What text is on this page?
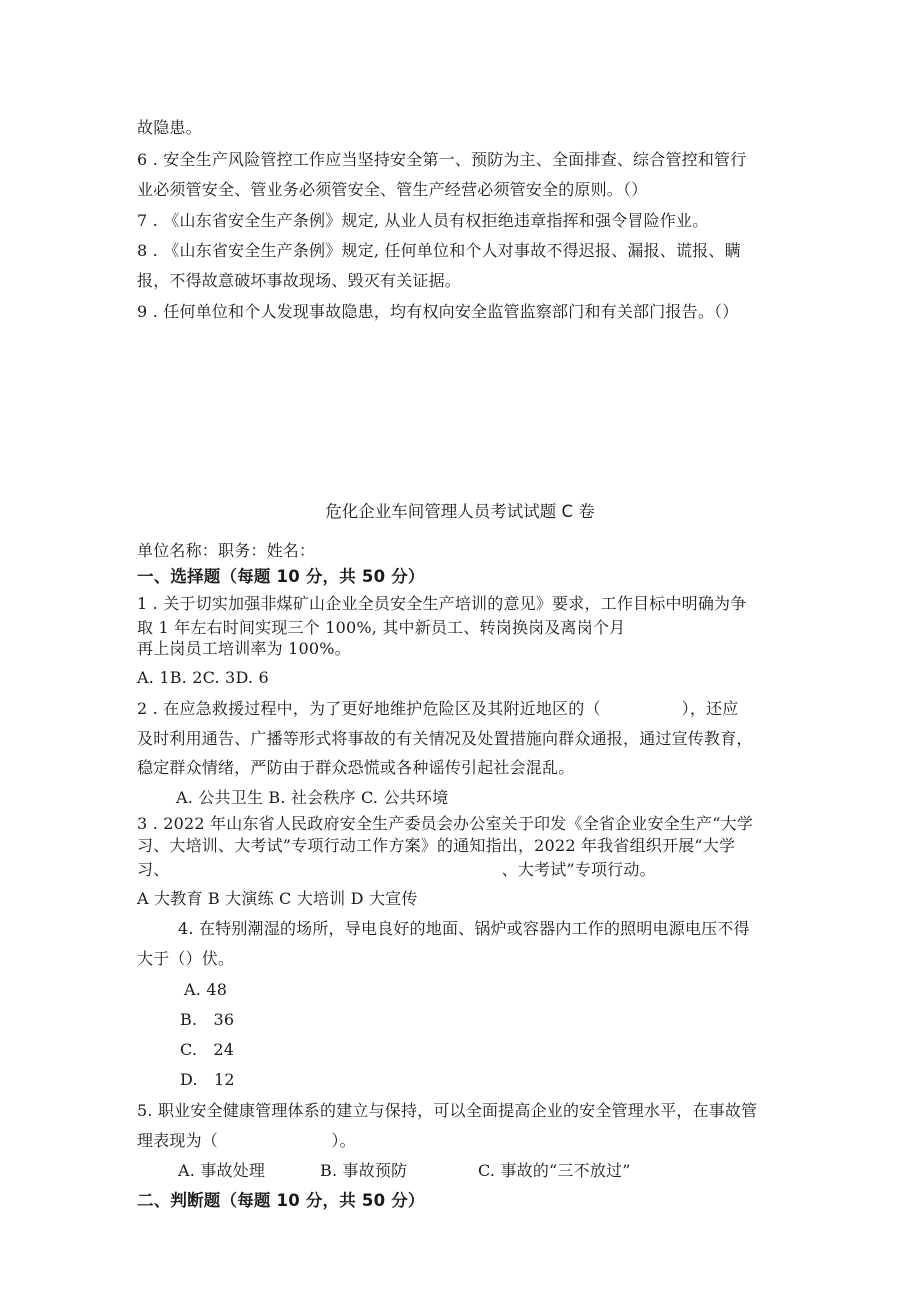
故隐患。
6 . 安全生产风险管控工作应当坚持安全第一、预防为主、全面排查、综合管控和管行
业必须管安全、管业务必须管安全、管生产经营必须管安全的原则。（）
7 . 《山东省安全生产条例》规定, 从业人员有权拒绝违章指挥和强令冒险作业。
8 . 《山东省安全生产条例》规定, 任何单位和个人对事故不得迟报、漏报、谎报、瞒
报，不得故意破坏事故现场、毁灭有关证据。
9 . 任何单位和个人发现事故隐患，均有权向安全监管监察部门和有关部门报告。（）
危化企业车间管理人员考试试题 C 卷
单位名称：职务：姓名：
一、选择题（每题 10 分，共 50 分）
1 . 关于切实加强非煤矿山企业全员安全生产培训的意见》要求，工作目标中明确为争
取 1 年左右时间实现三个 100%, 其中新员工、转岗换岗及离岗个月
再上岗员工培训率为 100%。
A. 1B. 2C. 3D. 6
2 . 在应急救援过程中，为了更好地维护危险区及其附近地区的（　　　　　），还应
及时利用通告、广播等形式将事故的有关情况及处置措施向群众通报，通过宣传教育，
稳定群众情绪，严防由于群众恐慌或各种谣传引起社会混乱。
A. 公共卫生 B. 社会秩序 C. 公共环境
3 . 2022 年山东省人民政府安全生产委员会办公室关于印发《全省企业安全生产“大学
习、大培训、大考试”专项行动工作方案》的通知指出，2022 年我省组织开展“大学
习、　　　　　　　　　　　　　　　　　　　　　、大考试”专项行动。
A 大教育 B 大演练 C 大培训 D 大宣传
4. 在特别潮湿的场所，导电良好的地面、锅炉或容器内工作的照明电源电压不得
大于（）伏。
A. 48
B.　36
C.　24
D.　12
5. 职业安全健康管理体系的建立与保持，可以全面提高企业的安全管理水平，在事故管
理表现为（　　　　　　　）。
A. 事故处理	B. 事故预防	C. 事故的“三不放过”
二、判断题（每题 10 分，共 50 分）
